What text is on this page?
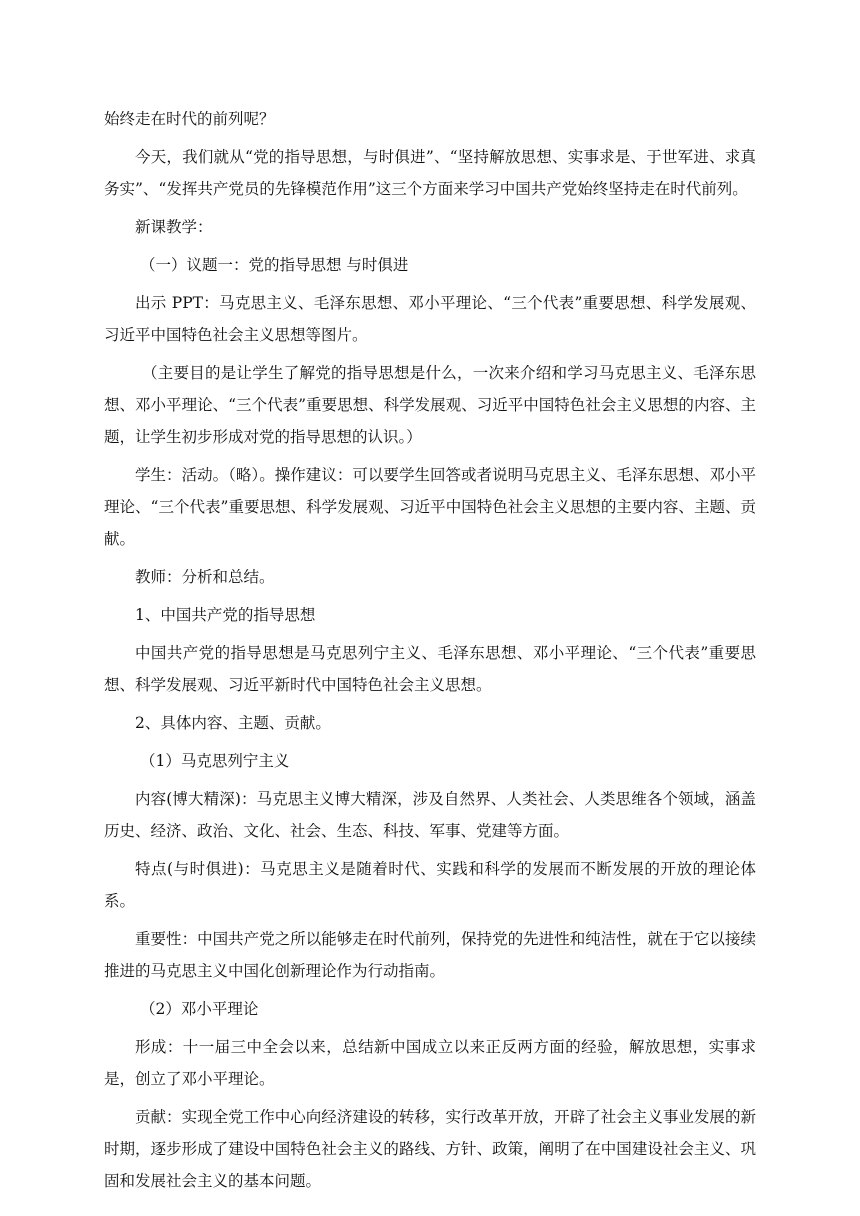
始终走在时代的前列呢？

今天，我们就从“党的指导思想，与时俱进”、“坚持解放思想、实事求是、于世军进、求真务实”、“发挥共产党员的先锋模范作用”这三个方面来学习中国共产党始终坚持走在时代前列。

新课教学：

（一）议题一：党的指导思想 与时俱进

出示 PPT：马克思主义、毛泽东思想、邓小平理论、“三个代表”重要思想、科学发展观、习近平中国特色社会主义思想等图片。

（主要目的是让学生了解党的指导思想是什么，一次来介绍和学习马克思主义、毛泽东思想、邓小平理论、“三个代表”重要思想、科学发展观、习近平中国特色社会主义思想的内容、主题，让学生初步形成对党的指导思想的认识。）

学生：活动。（略）。操作建议：可以要学生回答或者说明马克思主义、毛泽东思想、邓小平理论、“三个代表”重要思想、科学发展观、习近平中国特色社会主义思想的主要内容、主题、贡献。

教师：分析和总结。

1、中国共产党的指导思想

中国共产党的指导思想是马克思列宁主义、毛泽东思想、邓小平理论、“三个代表”重要思想、科学发展观、习近平新时代中国特色社会主义思想。

2、具体内容、主题、贡献。

（1）马克思列宁主义

内容(博大精深)：马克思主义博大精深，涉及自然界、人类社会、人类思维各个领域，涵盖历史、经济、政治、文化、社会、生态、科技、军事、党建等方面。

特点(与时俱进)：马克思主义是随着时代、实践和科学的发展而不断发展的开放的理论体系。

重要性：中国共产党之所以能够走在时代前列，保持党的先进性和纯洁性，就在于它以接续推进的马克思主义中国化创新理论作为行动指南。

（2）邓小平理论

形成：十一届三中全会以来，总结新中国成立以来正反两方面的经验，解放思想，实事求是，创立了邓小平理论。

贡献：实现全党工作中心向经济建设的转移，实行改革开放，开辟了社会主义事业发展的新时期，逐步形成了建设中国特色社会主义的路线、方针、政策，阐明了在中国建设社会主义、巩固和发展社会主义的基本问题。
